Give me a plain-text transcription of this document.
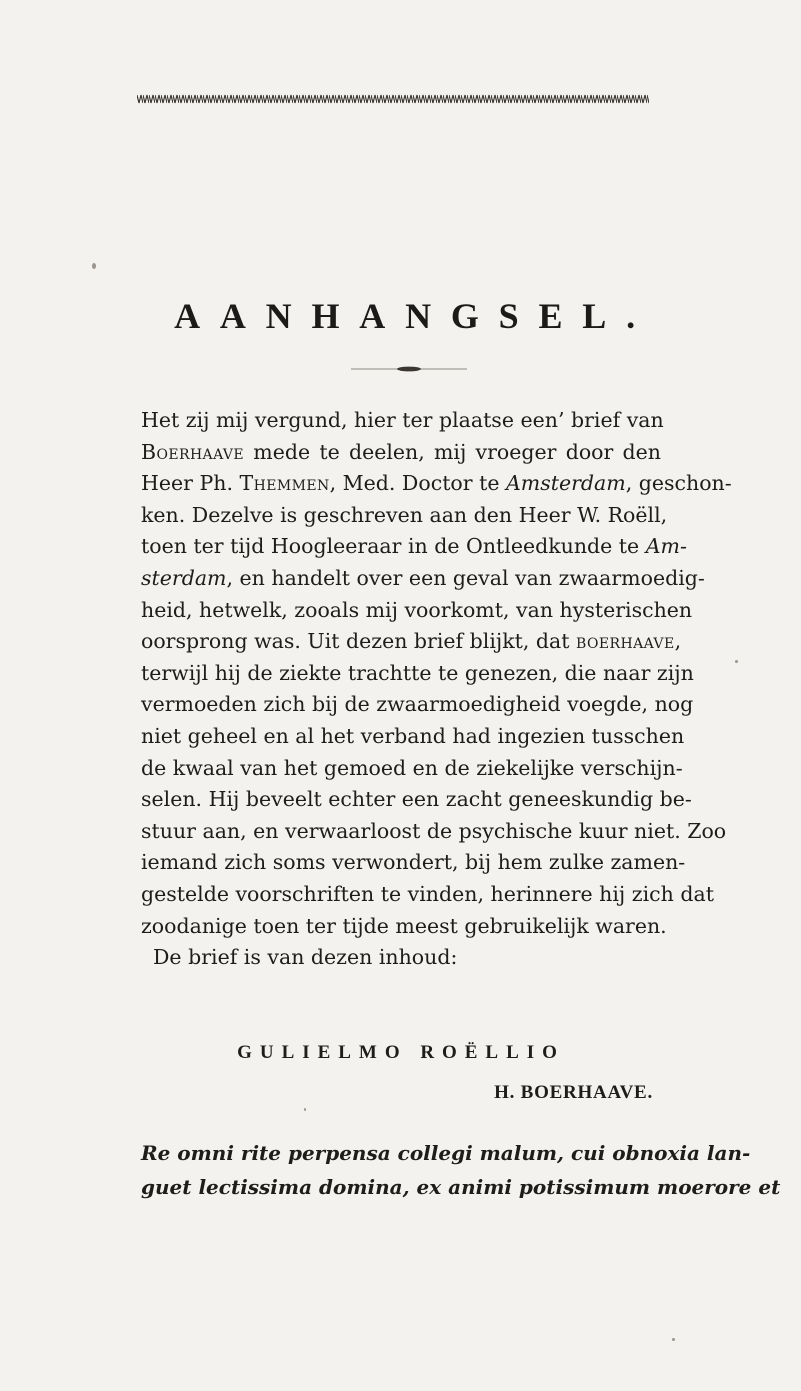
AANHANGSEL.
Het zij mij vergund, hier ter plaatse een’ brief van
Boerhaave mede te deelen, mij vroeger door den
Heer Ph. Themmen, Med. Doctor te Amsterdam, geschon-
ken. Dezelve is geschreven aan den Heer W. Roëll,
toen ter tijd Hoogleeraar in de Ontleedkunde te Am-
sterdam, en handelt over een geval van zwaarmoedig-
heid, hetwelk, zooals mij voorkomt, van hysterischen
oorsprong was. Uit dezen brief blijkt, dat boerhaave,
terwijl hij de ziekte trachtte te genezen, die naar zijn
vermoeden zich bij de zwaarmoedigheid voegde, nog
niet geheel en al het verband had ingezien tusschen
de kwaal van het gemoed en de ziekelijke verschijn-
selen. Hij beveelt echter een zacht geneeskundig be-
stuur aan, en verwaarloost de psychische kuur niet. Zoo
iemand zich soms verwondert, bij hem zulke zamen-
gestelde voorschriften te vinden, herinnere hij zich dat
zoodanige toen ter tijde meest gebruikelijk waren.
De brief is van dezen inhoud:
GULIELMO ROËLLIO
H. BOERHAAVE.
Re omni rite perpensa collegi malum, cui obnoxia lan-
guet lectissima domina, ex animi potissimum moerore et
